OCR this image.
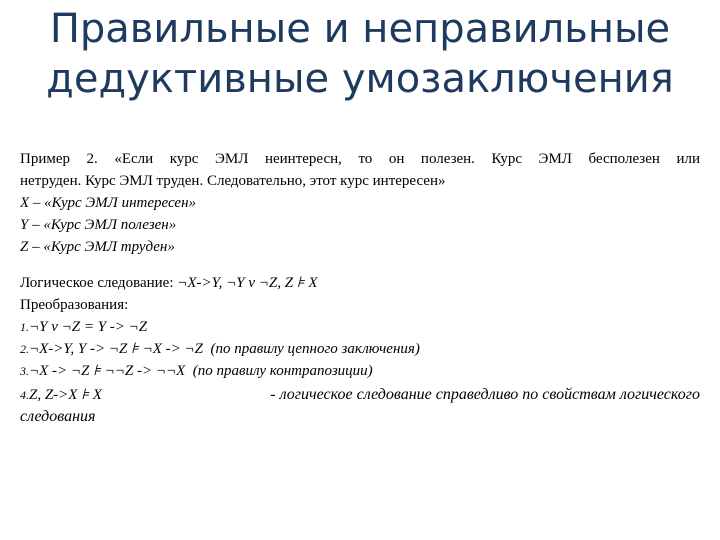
Правильные и неправильные
дедуктивные умозаключения
Пример 2. «Если курс ЭМЛ неинтересн, то он полезен. Курс ЭМЛ бесполезен или
нетруден. Курс ЭМЛ труден. Следовательно, этот курс интересен»
X – «Курс ЭМЛ интересен»
Y – «Курс ЭМЛ полезен»
Z – «Курс ЭМЛ труден»
Логическое следование: ¬X->Y, ¬Y v ¬Z, Z ⊧ X
Преобразования:
1.¬Y v ¬Z = Y -> ¬Z
2.¬X->Y, Y -> ¬Z ⊧ ¬X -> ¬Z  (по правилу цепного заключения)
3.¬X -> ¬Z ⊧ ¬¬Z -> ¬¬X  (по правилу контрапозиции)
4.Z, Z->X ⊧ X	- логическое следование справедливо по свойствам логического
следования
